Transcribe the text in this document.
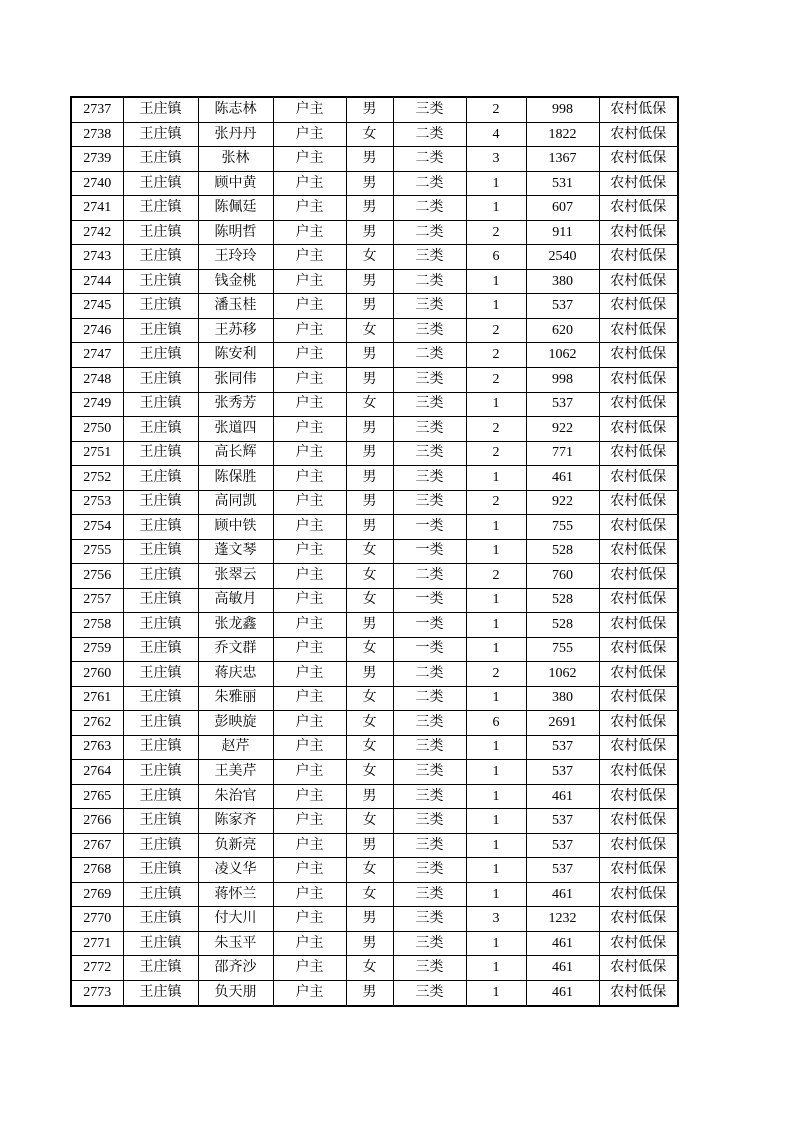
2737	王庄镇	陈志林	户主	男	三类	2	998	农村低保
2738	王庄镇	张丹丹	户主	女	二类	4	1822	农村低保
2739	王庄镇	张林	户主	男	二类	3	1367	农村低保
2740	王庄镇	顾中黄	户主	男	二类	1	531	农村低保
2741	王庄镇	陈佩廷	户主	男	二类	1	607	农村低保
2742	王庄镇	陈明哲	户主	男	二类	2	911	农村低保
2743	王庄镇	王玲玲	户主	女	三类	6	2540	农村低保
2744	王庄镇	钱金桃	户主	男	二类	1	380	农村低保
2745	王庄镇	潘玉桂	户主	男	三类	1	537	农村低保
2746	王庄镇	王苏移	户主	女	三类	2	620	农村低保
2747	王庄镇	陈安利	户主	男	二类	2	1062	农村低保
2748	王庄镇	张同伟	户主	男	三类	2	998	农村低保
2749	王庄镇	张秀芳	户主	女	三类	1	537	农村低保
2750	王庄镇	张道四	户主	男	三类	2	922	农村低保
2751	王庄镇	高长辉	户主	男	三类	2	771	农村低保
2752	王庄镇	陈保胜	户主	男	三类	1	461	农村低保
2753	王庄镇	高同凯	户主	男	三类	2	922	农村低保
2754	王庄镇	顾中铁	户主	男	一类	1	755	农村低保
2755	王庄镇	蓬文琴	户主	女	一类	1	528	农村低保
2756	王庄镇	张翠云	户主	女	二类	2	760	农村低保
2757	王庄镇	高敏月	户主	女	一类	1	528	农村低保
2758	王庄镇	张龙鑫	户主	男	一类	1	528	农村低保
2759	王庄镇	乔文群	户主	女	一类	1	755	农村低保
2760	王庄镇	蒋庆忠	户主	男	二类	2	1062	农村低保
2761	王庄镇	朱雅丽	户主	女	二类	1	380	农村低保
2762	王庄镇	彭映旋	户主	女	三类	6	2691	农村低保
2763	王庄镇	赵芹	户主	女	三类	1	537	农村低保
2764	王庄镇	王美芹	户主	女	三类	1	537	农村低保
2765	王庄镇	朱治官	户主	男	三类	1	461	农村低保
2766	王庄镇	陈家齐	户主	女	三类	1	537	农村低保
2767	王庄镇	负新亮	户主	男	三类	1	537	农村低保
2768	王庄镇	凌义华	户主	女	三类	1	537	农村低保
2769	王庄镇	蒋怀兰	户主	女	三类	1	461	农村低保
2770	王庄镇	付大川	户主	男	三类	3	1232	农村低保
2771	王庄镇	朱玉平	户主	男	三类	1	461	农村低保
2772	王庄镇	邵齐沙	户主	女	三类	1	461	农村低保
2773	王庄镇	负天朋	户主	男	三类	1	461	农村低保
